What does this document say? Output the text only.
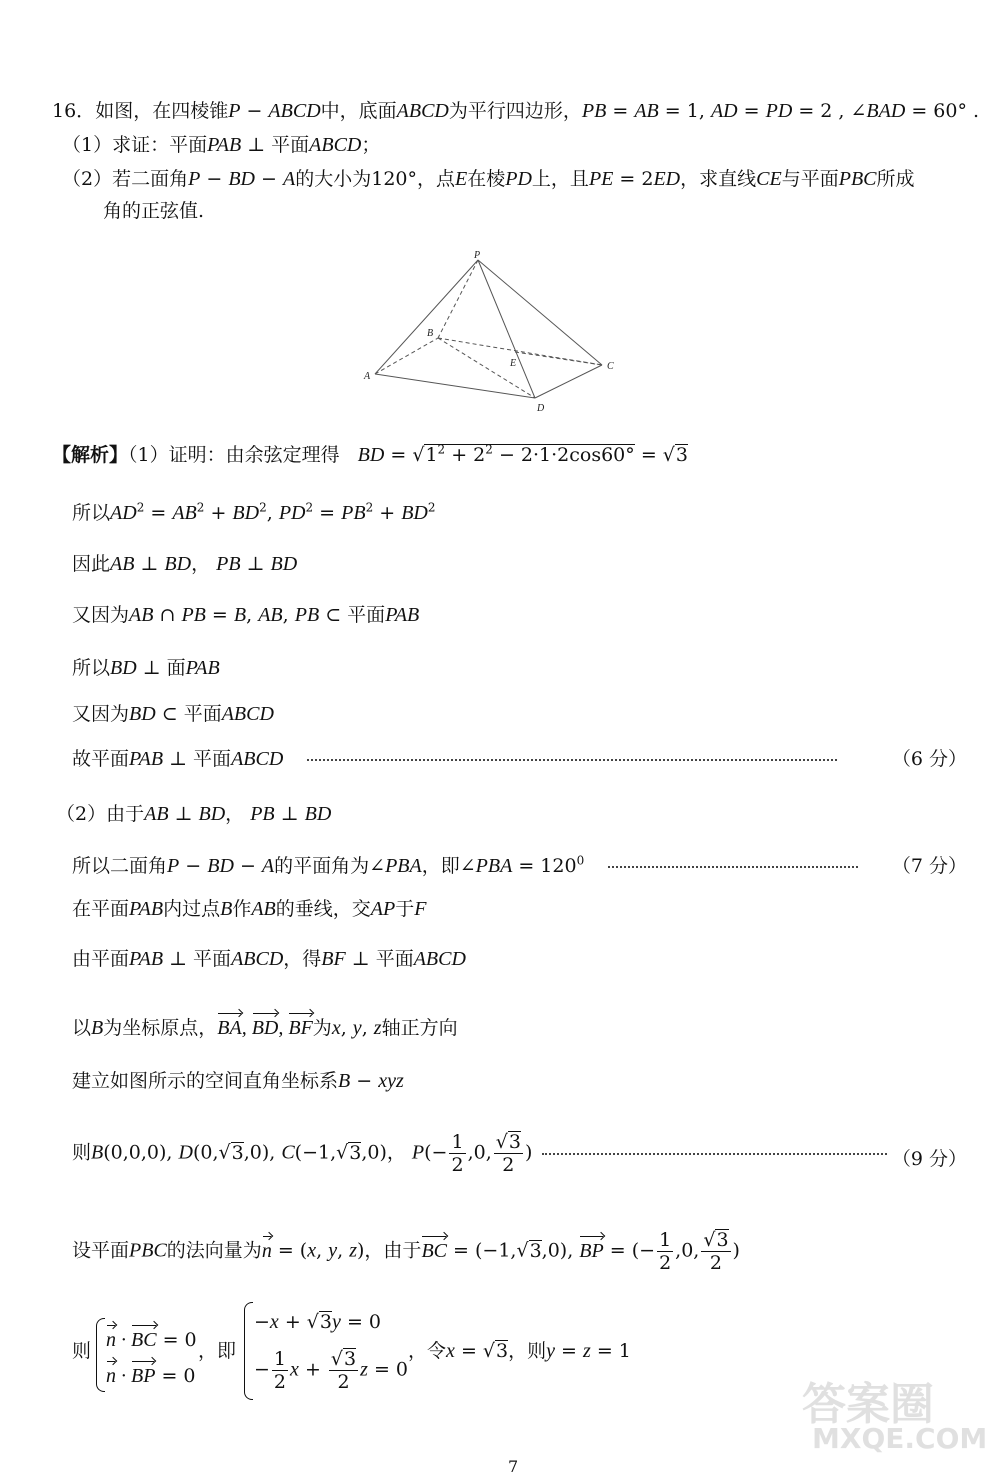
16．如图，在四棱锥P − ABCD中，底面ABCD为平行四边形，PB = AB = 1, AD = PD = 2 , ∠BAD = 60° .
（1）求证：平面PAB ⊥ 平面ABCD；
（2）若二面角P − BD − A的大小为120°，点E在棱PD上，且PE = 2ED，求直线CE与平面PBC所成
角的正弦值.
P
A
B
C
D
E
【解析】（1）证明：由余弦定理得 BD = $√1^2 + 2^2 - 2\cdot 1\cdot 2\cos 60^\circ = √3$
所以$AD^2 = AB^2 + BD^2$, $PD^2 = PB^2 + BD^2$
因此AB ⊥ BD， PB ⊥ BD
又因为AB ∩ PB = B, AB, PB ⊂ 平面PAB
所以BD ⊥ 面PAB
又因为BD ⊂ 平面ABCD
故平面PAB ⊥ 平面ABCD	（6 分）
（2）由于AB ⊥ BD， PB ⊥ BD
所以二面角P − BD − A的平面角为∠PBA，即∠PBA = $120^0$	（7 分）
在平面PAB内过点B作AB的垂线，交AP于F
由平面PAB ⊥ 平面ABCD，得BF ⊥ 平面ABCD
以B为坐标原点，BA, BD, BF为x, y, z轴正方向
建立如图所示的空间直角坐标系B − xyz
则B(0,0,0), D(0,√3,0), C(−1,√3,0)， $P(- \frac{1}{2} ,0$, $\frac{√3}{2}$ )	（9 分）
设平面PBC的法向量为n = (x, y, z)，由于BC = (−1,√3,0), BP = (− $\frac{1}{2} ,0$, $\frac{√3}{2}$ )
则 n · BC = 0
n · BP = 0
，即
−x + √3y = 0
− $\frac{1}{2}$ $x + \frac{√3}{2}$ z = 0
，令x = √3，则y = z = 1
7
答案圈
MXQE.COM
